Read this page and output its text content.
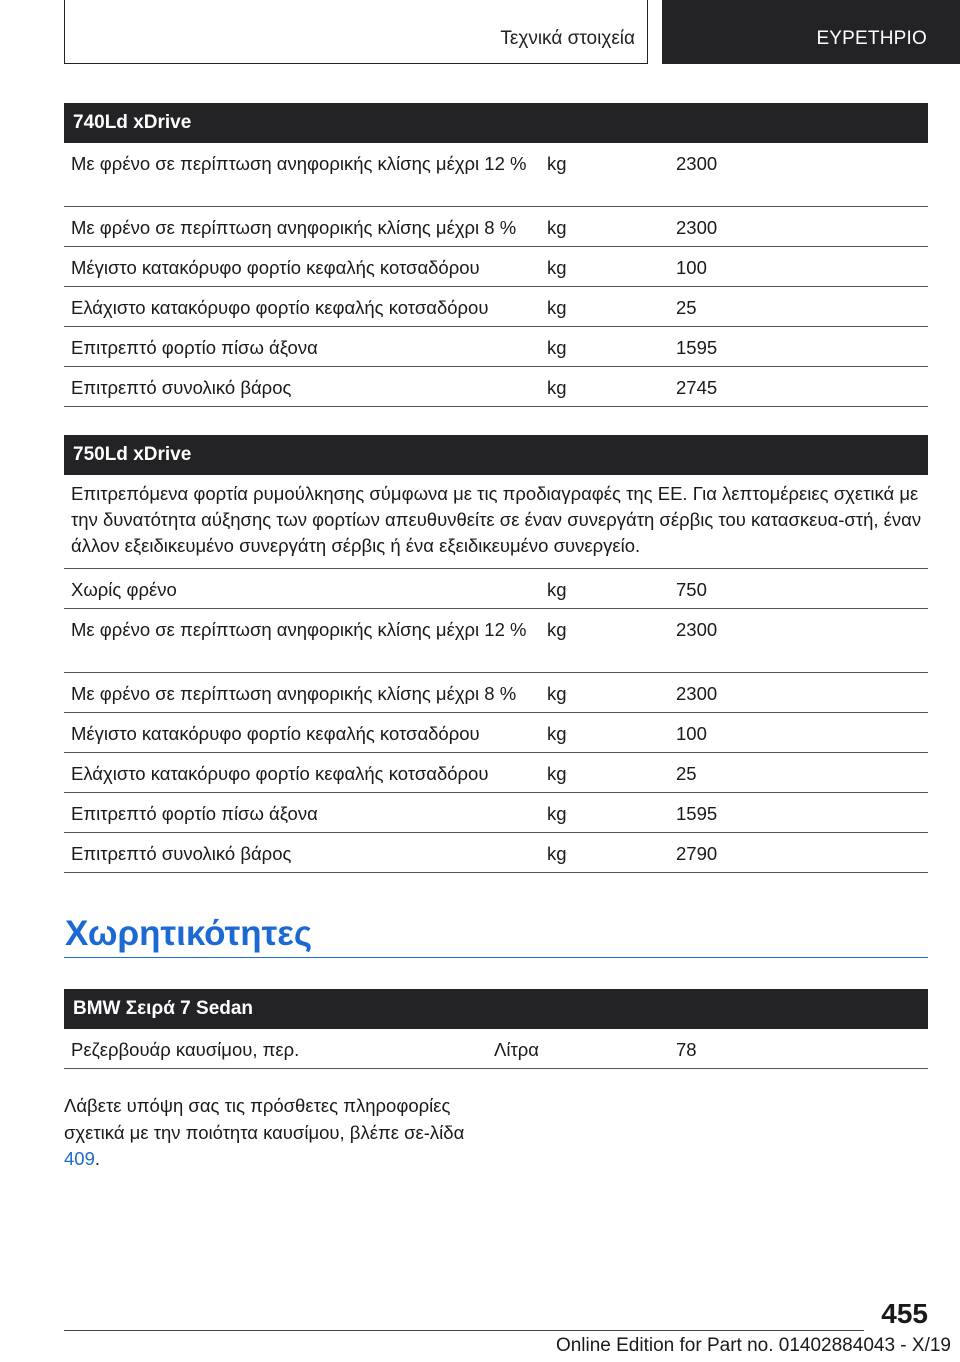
Τεχνικά στοιχεία	ΕΥΡΕΤΗΡΙΟ
740Ld xDrive
Με φρένο σε περίπτωση ανηφορικής κλίσης μέχρι 12 %	kg	2300
Με φρένο σε περίπτωση ανηφορικής κλίσης μέχρι 8 %	kg	2300
Μέγιστο κατακόρυφο φορτίο κεφαλής κοτσαδόρου	kg	100
Ελάχιστο κατακόρυφο φορτίο κεφαλής κοτσαδόρου	kg	25
Επιτρεπτό φορτίο πίσω άξονα	kg	1595
Επιτρεπτό συνολικό βάρος	kg	2745
750Ld xDrive
Επιτρεπόμενα φορτία ρυμούλκησης σύμφωνα με τις προδιαγραφές της ΕΕ. Για λεπτομέρειες σχετικά με την δυνατότητα αύξησης των φορτίων απευθυνθείτε σε έναν συνεργάτη σέρβις του κατασκευα-στή, έναν άλλον εξειδικευμένο συνεργάτη σέρβις ή ένα εξειδικευμένο συνεργείο.
Χωρίς φρένο	kg	750
Με φρένο σε περίπτωση ανηφορικής κλίσης μέχρι 12 %	kg	2300
Με φρένο σε περίπτωση ανηφορικής κλίσης μέχρι 8 %	kg	2300
Μέγιστο κατακόρυφο φορτίο κεφαλής κοτσαδόρου	kg	100
Ελάχιστο κατακόρυφο φορτίο κεφαλής κοτσαδόρου	kg	25
Επιτρεπτό φορτίο πίσω άξονα	kg	1595
Επιτρεπτό συνολικό βάρος	kg	2790
Χωρητικότητες
BMW Σειρά 7 Sedan
Ρεζερβουάρ καυσίμου, περ.	Λίτρα	78
Λάβετε υπόψη σας τις πρόσθετες πληροφορίες σχετικά με την ποιότητα καυσίμου, βλέπε σε-λίδα 409.
455
Online Edition for Part no. 01402884043 - X/19
